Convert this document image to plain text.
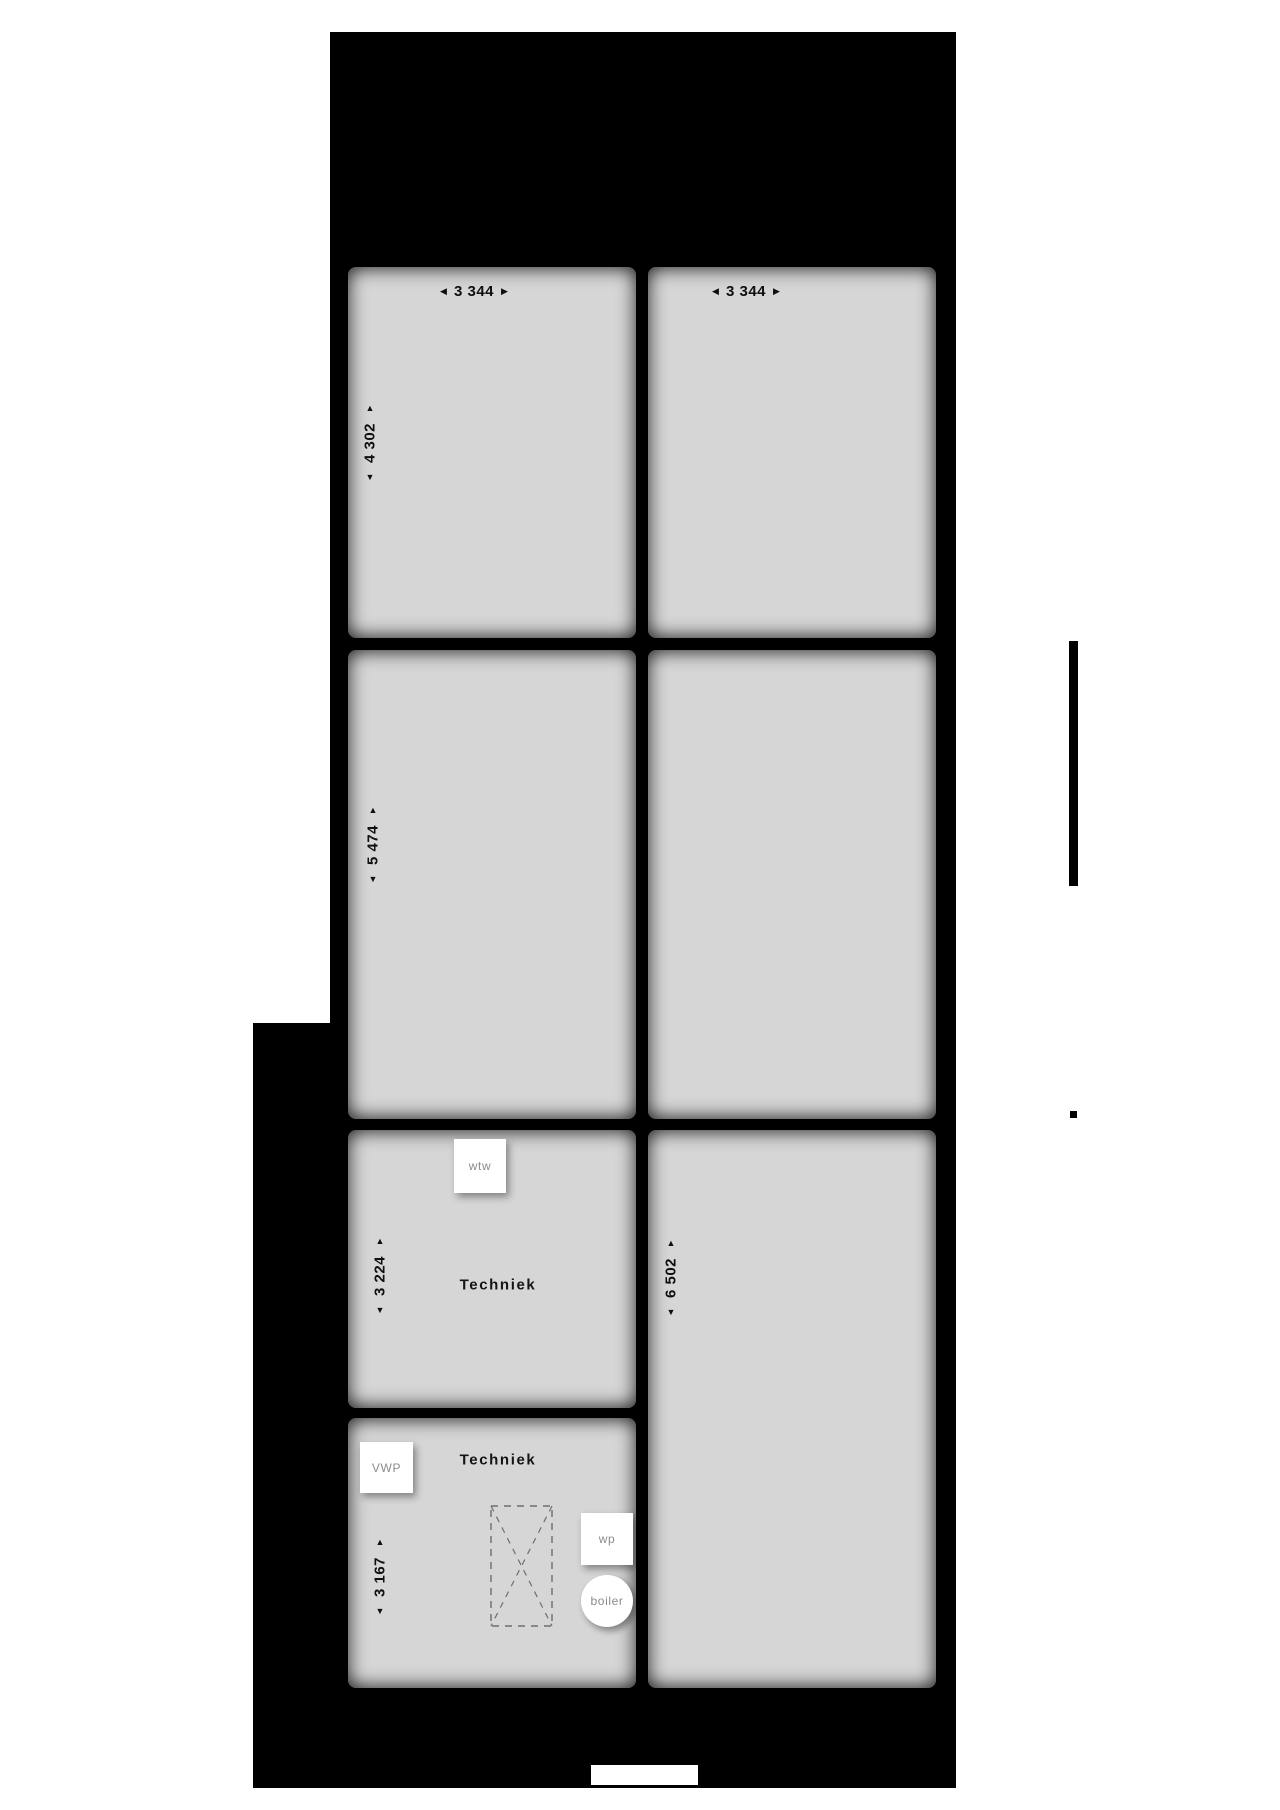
◀ 3 344 ▶
▲
4 302
▼
◀ 3 344 ▶
▲
5 474
▼
wtw
▲
3 224
▼
Techniek
▲
6 502
▼
VWP	Techniek
▲
3 167
▼
wp
boiler
